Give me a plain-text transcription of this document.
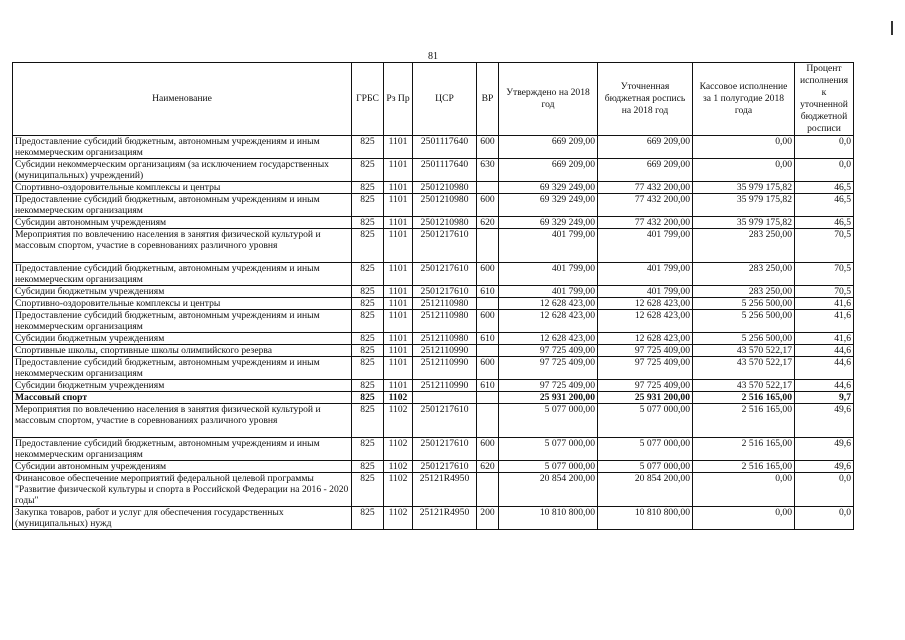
81
Наименование	ГРБС	Рз Пр	ЦСР	ВР	Утверждено на 2018 год	Уточненная бюджетная роспись на 2018 год	Кассовое исполнение за 1 полугодие 2018 года	Процент исполнения к уточненной бюджетной росписи
Предоставление субсидий бюджетным, автономным учреждениям и иным некоммерческим организациям	825	1101	2501117640	600	669 209,00	669 209,00	0,00	0,0
Субсидии некоммерческим организациям (за исключением государственных (муниципальных) учреждений)	825	1101	2501117640	630	669 209,00	669 209,00	0,00	0,0
Спортивно-оздоровительные комплексы и центры	825	1101	2501210980		69 329 249,00	77 432 200,00	35 979 175,82	46,5
Предоставление субсидий бюджетным, автономным учреждениям и иным некоммерческим организациям	825	1101	2501210980	600	69 329 249,00	77 432 200,00	35 979 175,82	46,5
Субсидии автономным учреждениям	825	1101	2501210980	620	69 329 249,00	77 432 200,00	35 979 175,82	46,5
Мероприятия по вовлечению населения в занятия физической культурой и массовым спортом, участие в соревнованиях различного уровня	825	1101	2501217610		401 799,00	401 799,00	283 250,00	70,5
Предоставление субсидий бюджетным, автономным учреждениям и иным некоммерческим организациям	825	1101	2501217610	600	401 799,00	401 799,00	283 250,00	70,5
Субсидии бюджетным учреждениям	825	1101	2501217610	610	401 799,00	401 799,00	283 250,00	70,5
Спортивно-оздоровительные комплексы и центры	825	1101	2512110980		12 628 423,00	12 628 423,00	5 256 500,00	41,6
Предоставление субсидий бюджетным, автономным учреждениям и иным некоммерческим организациям	825	1101	2512110980	600	12 628 423,00	12 628 423,00	5 256 500,00	41,6
Субсидии бюджетным учреждениям	825	1101	2512110980	610	12 628 423,00	12 628 423,00	5 256 500,00	41,6
Спортивные школы, спортивные школы олимпийского резерва	825	1101	2512110990		97 725 409,00	97 725 409,00	43 570 522,17	44,6
Предоставление субсидий бюджетным, автономным учреждениям и иным некоммерческим организациям	825	1101	2512110990	600	97 725 409,00	97 725 409,00	43 570 522,17	44,6
Субсидии бюджетным учреждениям	825	1101	2512110990	610	97 725 409,00	97 725 409,00	43 570 522,17	44,6
Массовый спорт	825	1102			25 931 200,00	25 931 200,00	2 516 165,00	9,7
Мероприятия по вовлечению населения в занятия физической культурой и массовым спортом, участие в соревнованиях различного уровня	825	1102	2501217610		5 077 000,00	5 077 000,00	2 516 165,00	49,6
Предоставление субсидий бюджетным, автономным учреждениям и иным некоммерческим организациям	825	1102	2501217610	600	5 077 000,00	5 077 000,00	2 516 165,00	49,6
Субсидии автономным учреждениям	825	1102	2501217610	620	5 077 000,00	5 077 000,00	2 516 165,00	49,6
Финансовое обеспечение мероприятий федеральной целевой программы "Развитие физической культуры и спорта в Российской Федерации на 2016 - 2020 годы"	825	1102	25121R4950		20 854 200,00	20 854 200,00	0,00	0,0
Закупка товаров, работ и услуг для обеспечения государственных (муниципальных) нужд	825	1102	25121R4950	200	10 810 800,00	10 810 800,00	0,00	0,0
